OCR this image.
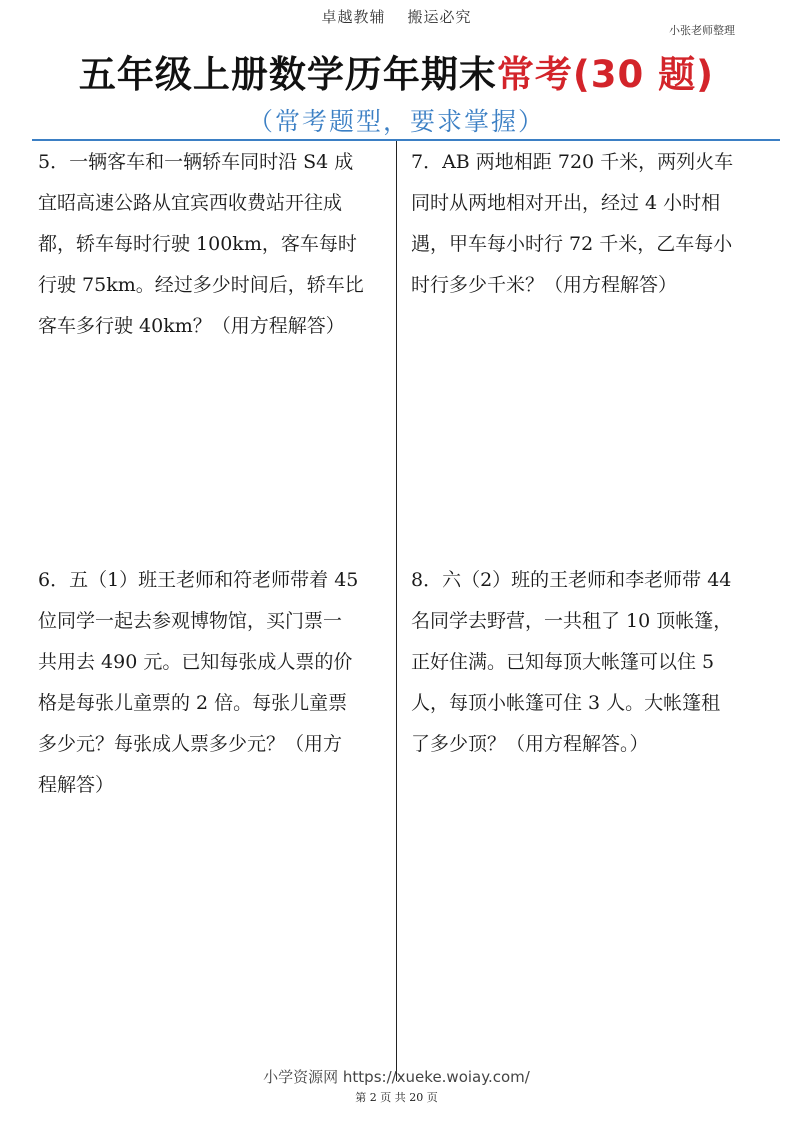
卓越教辅 搬运必究
小张老师整理
五年级上册数学历年期末常考(30 题)
（常考题型，要求掌握）

5．一辆客车和一辆轿车同时沿 S4 成
宜昭高速公路从宜宾西收费站开往成
都，轿车每时行驶 100km，客车每时
行驶 75km。经过多少时间后，轿车比
客车多行驶 40km？（用方程解答）

7．AB 两地相距 720 千米，两列火车
同时从两地相对开出，经过 4 小时相
遇，甲车每小时行 72 千米，乙车每小
时行多少千米？（用方程解答）

6．五（1）班王老师和符老师带着 45
位同学一起去参观博物馆，买门票一
共用去 490 元。已知每张成人票的价
格是每张儿童票的 2 倍。每张儿童票
多少元？每张成人票多少元？（用方
程解答）

8．六（2）班的王老师和李老师带 44
名同学去野营，一共租了 10 顶帐篷，
正好住满。已知每顶大帐篷可以住 5
人，每顶小帐篷可住 3 人。大帐篷租
了多少顶？（用方程解答。）

小学资源网 https://xueke.woiay.com/
第 2 页 共 20 页
